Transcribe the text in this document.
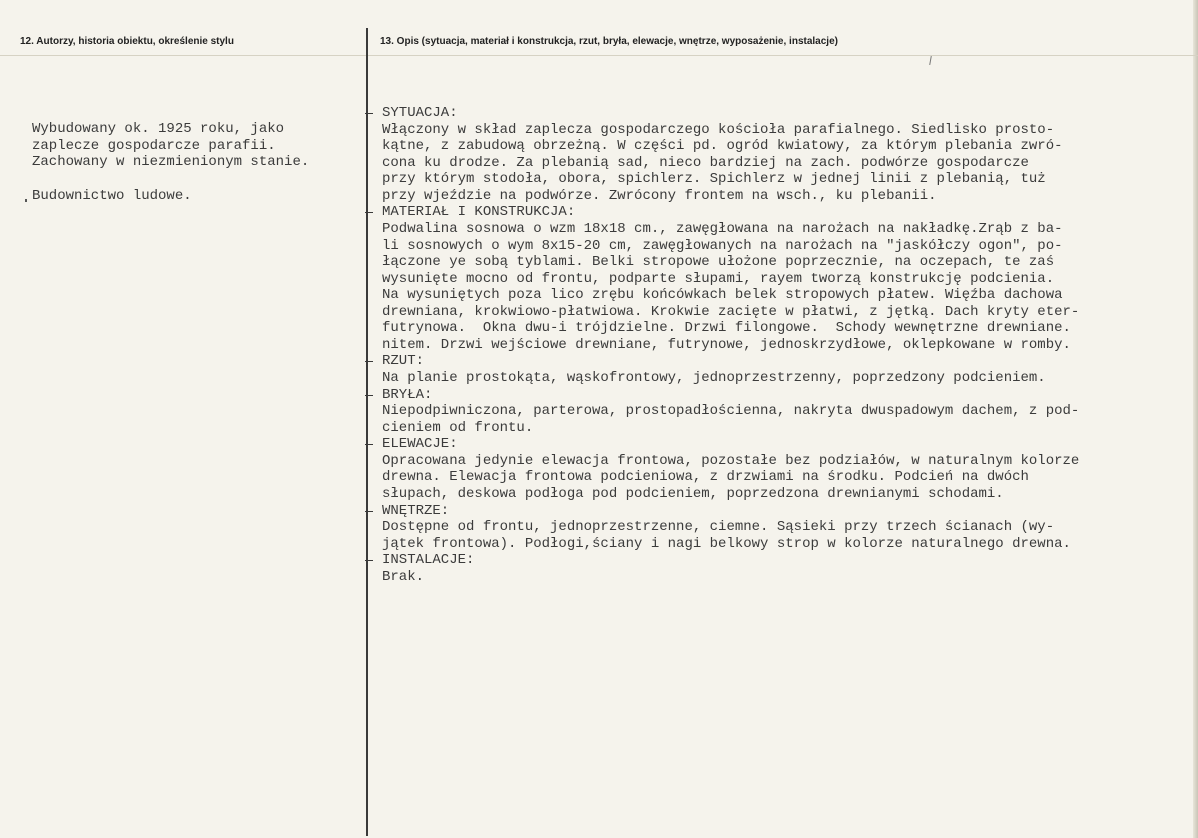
12. Autorzy, historia obiektu, określenie stylu	13. Opis (sytuacja, materiał i konstrukcja, rzut, bryła, elewacje, wnętrze, wyposażenie, instalacje)

Wybudowany ok. 1925 roku, jako

zaplecze gospodarcze parafii.

Zachowany w niezmienionym stanie.

Budownictwo ludowe.

SYTUACJA:
Włączony w skład zaplecza gospodarczego kościoła parafialnego. Siedlisko prosto-
kątne, z zabudową obrzeżną. W części pd. ogród kwiatowy, za którym plebania zwró-
cona ku drodze. Za plebanią sad, nieco bardziej na zach. podwórze gospodarcze
przy którym stodoła, obora, spichlerz. Spichlerz w jednej linii z plebanią, tuż
przy wjeździe na podwórze. Zwrócony frontem na wsch., ku plebanii.
MATERIAŁ I KONSTRUKCJA:
Podwalina sosnowa o wzm 18x18 cm., zawęgłowana na narożach na nakładkę.Zrąb z ba-
li sosnowych o wym 8x15-20 cm, zawęgłowanych na narożach na "jaskółczy ogon", po-
łączone ye sobą tyblami. Belki stropowe ułożone poprzecznie, na oczepach, te zaś
wysunięte mocno od frontu, podparte słupami, rayem tworzą konstrukcję podcienia.
Na wysuniętych poza lico zrębu końcówkach belek stropowych płatew. Więźba dachowa
drewniana, krokwiowo-płatwiowa. Krokwie zacięte w płatwi, z jętką. Dach kryty eter-
futrynowa.  Okna dwu-i trójdzielne. Drzwi filongowe.  Schody wewnętrzne drewniane.
nitem. Drzwi wejściowe drewniane, futrynowe, jednoskrzydłowe, oklepkowane w romby.
RZUT:
Na planie prostokąta, wąskofrontowy, jednoprzestrzenny, poprzedzony podcieniem.
BRYŁA:
Niepodpiwniczona, parterowa, prostopadłościenna, nakryta dwuspadowym dachem, z pod-
cieniem od frontu.
ELEWACJE:
Opracowana jedynie elewacja frontowa, pozostałe bez podziałów, w naturalnym kolorze
drewna. Elewacja frontowa podcieniowa, z drzwiami na środku. Podcień na dwóch
słupach, deskowa podłoga pod podcieniem, poprzedzona drewnianymi schodami.
WNĘTRZE:
Dostępne od frontu, jednoprzestrzenne, ciemne. Sąsieki przy trzech ścianach (wy-
jątek frontowa). Podłogi,ściany i nagi belkowy strop w kolorze naturalnego drewna.
INSTALACJE:
Brak.
